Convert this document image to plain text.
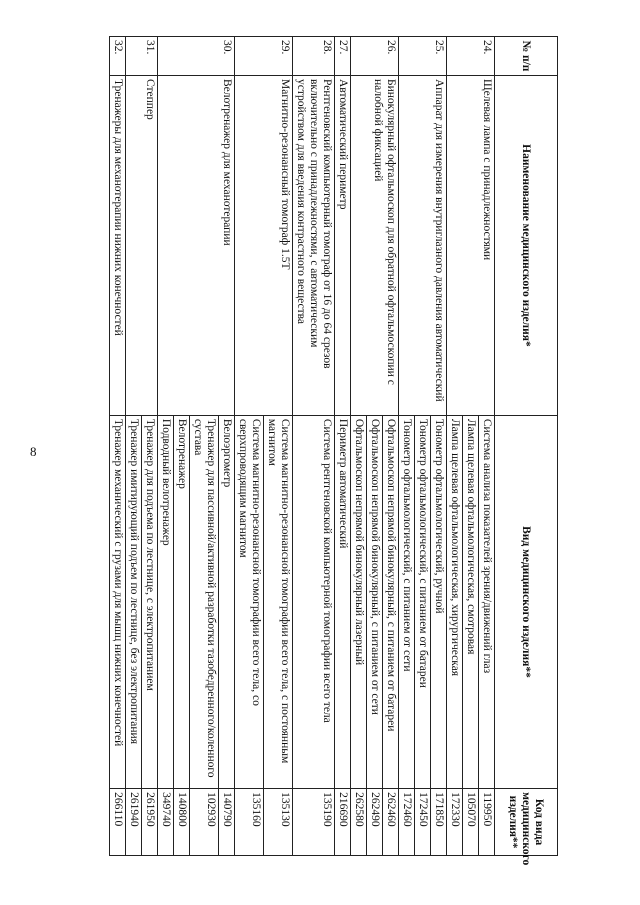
8
№ п/п	Наименование медицинского изделия*	Вид медицинского изделия**	Код вида медицинского изделия**
24.	Щелевая лампа с принадлежностями	Система анализа показателей зрения/движений глаз	119950
		Лампа щелевая офтальмологическая, смотровая	105070
		Лампа щелевая офтальмологическая, хирургическая	172330
25.	Аппарат для измерения внутриглазного давления автоматический	Тонометр офтальмологический, ручной	171850
		Тонометр офтальмологический, с питанием от батареи	172450
		Тонометр офтальмологический, с питанием от сети	172460
26.	Бинокулярный офтальмоскоп для обратной офтальмоскопии с налобной фиксацией	Офтальмоскоп непрямой бинокулярный, с питанием от батареи	262460
		Офтальмоскоп непрямой бинокулярный, с питанием от сети	262490
		Офтальмоскоп непрямой бинокулярный лазерный	262580
27.	Автоматический периметр	Периметр автоматический	216690
28.	Рентгеновский компьютерный томограф от 16 до 64 срезов включительно с принадлежностями, с автоматическим устройством для введения контрастного вещества	Система рентгеновской компьютерной томографии всего тела	135190
29.	Магнитно-резонансный томограф 1.5Т	Система магнитно-резонансной томографии всего тела, с постоянным магнитом	135130
		Система магнитно-резонансной томографии всего тела, со сверхпроводящим магнитом	135160
30.	Велотренажер для механотерапии	Велоэргометр	140790
		Тренажер для пассивной/активной разработки тазобедренного/коленного сустава	102930
		Велотренажер	140800
		Подводный велотренажер	349740
31.	Степпер	Тренажер для подъема по лестнице, с электропитанием	261950
		Тренажер имитирующий подъем по лестнице, без электропитания	261940
32.	Тренажеры для механотерапии нижних конечностей	Тренажер механический с грузами для мышц нижних конечностей	266110
